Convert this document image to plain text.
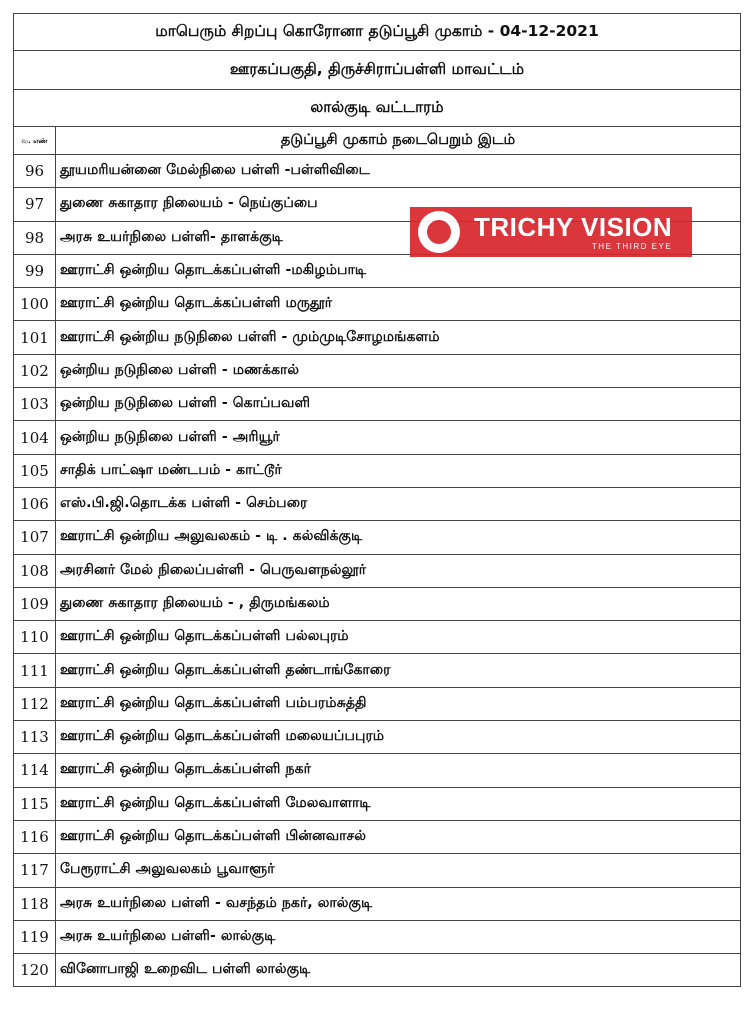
மாபெரும் சிறப்பு கொரோனா தடுப்பூசி முகாம் - 04-12-2021	
ஊரகப்பகுதி, திருச்சிராப்பள்ளி மாவட்டம்	
லால்குடி வட்டாரம்	

வ. எண்	தடுப்பூசி முகாம் நடைபெறும் இடம்
96	தூயமரியன்னை மேல்நிலை பள்ளி -பள்ளிவிடை
97	துணை சுகாதார நிலையம் - நெய்குப்பை
98	அரசு உயர்நிலை பள்ளி- தாளக்குடி
99	ஊராட்சி ஒன்றிய தொடக்கப்பள்ளி -மகிழம்பாடி
100	ஊராட்சி ஒன்றிய தொடக்கப்பள்ளி மருதூர்
101	ஊராட்சி ஒன்றிய நடுநிலை பள்ளி - மும்முடிசோழமங்களம்
102	ஒன்றிய நடுநிலை பள்ளி - மணக்கால்
103	ஒன்றிய நடுநிலை பள்ளி - கொப்பவளி
104	ஒன்றிய நடுநிலை பள்ளி - அரியூர்
105	சாதிக் பாட்ஷா மண்டபம் - காட்டூர்
106	எஸ்.பி.ஜி.தொடக்க பள்ளி - செம்பரை
107	ஊராட்சி ஒன்றிய அலுவலகம் - டி . கல்விக்குடி
108	அரசினர் மேல் நிலைப்பள்ளி - பெருவளநல்லூர்
109	துணை சுகாதார நிலையம் - , திருமங்கலம்
110	ஊராட்சி ஒன்றிய தொடக்கப்பள்ளி பல்லபுரம்
111	ஊராட்சி ஒன்றிய தொடக்கப்பள்ளி தண்டாங்கோரை
112	ஊராட்சி ஒன்றிய தொடக்கப்பள்ளி பம்பரம்சுத்தி
113	ஊராட்சி ஒன்றிய தொடக்கப்பள்ளி மலையப்பபுரம்
114	ஊராட்சி ஒன்றிய தொடக்கப்பள்ளி நகர்
115	ஊராட்சி ஒன்றிய தொடக்கப்பள்ளி மேலவாளாடி
116	ஊராட்சி ஒன்றிய தொடக்கப்பள்ளி பின்னவாசல்
117	பேரூராட்சி அலுவலகம் பூவாளூர்
118	அரசு உயர்நிலை பள்ளி - வசந்தம் நகர், லால்குடி
119	அரசு உயர்நிலை பள்ளி- லால்குடி
120	வினோபாஜி உறைவிட பள்ளி லால்குடி
TRICHY VISION
THE THIRD EYE
